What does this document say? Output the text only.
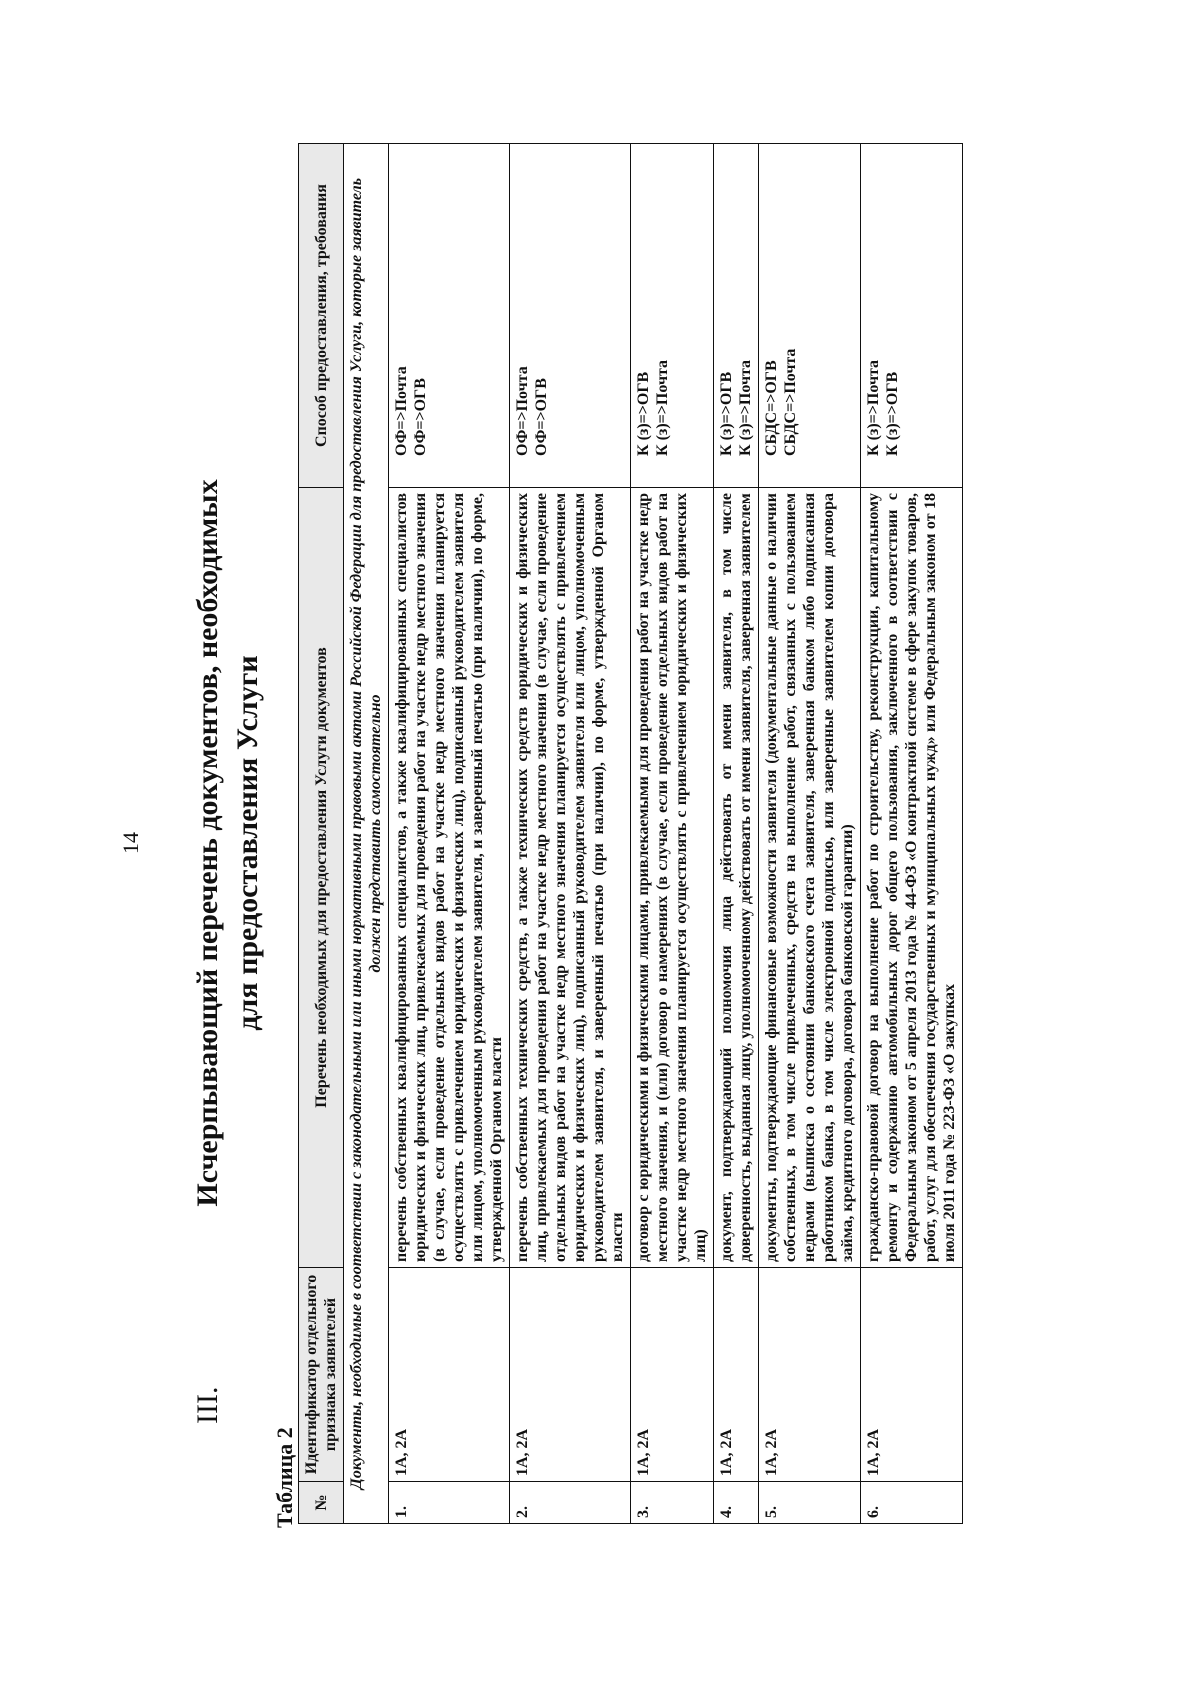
14
III.
Исчерпывающий перечень документов, необходимых для предоставления Услуги
Таблица 2 №	Идентификатор отдельного признака заявителей	Перечень необходимых для предоставления Услуги документов	Способ предоставления, требования
Документы, необходимые в соответствии с законодательными или иными нормативными правовыми актами Российской Федерации для предоставления Услуги, которые заявитель должен представить самостоятельно			
1.	1А, 2А	перечень собственных квалифицированных специалистов, а также квалифицированных специалистов юридических и физических лиц, привлекаемых для проведения работ на участке недр местного значения (в случае, если проведение отдельных видов работ на участке недр местного значения планируется осуществлять с привлечением юридических и физических лиц), подписанный руководителем заявителя или лицом, уполномоченным руководителем заявителя, и заверенный печатью (при наличии), по форме, утвержденной Органом власти	ОФ=>Почта ОФ=>ОГВ

2.	1А, 2А	перечень собственных технических средств, а также технических средств юридических и физических лиц, привлекаемых для проведения работ на участке недр местного значения (в случае, если проведение отдельных видов работ на участке недр местного значения планируется осуществлять с привлечением юридических и физических лиц), подписанный руководителем заявителя или лицом, уполномоченным руководителем заявителя, и заверенный печатью (при наличии), по форме, утвержденной Органом власти	ОФ=>Почта ОФ=>ОГВ

3.	1А, 2А	договор с юридическими и физическими лицами, привлекаемыми для проведения работ на участке недр местного значения, и (или) договор о намерениях (в случае, если проведение отдельных видов работ на участке недр местного значения планируется осуществлять с привлечением юридических и физических лиц)	К (з)=>ОГВ К (з)=>Почта

4.	1А, 2А	документ, подтверждающий полномочия лица действовать от имени заявителя, в том числе доверенность, выданная лицу, уполномоченному действовать от имени заявителя, заверенная заявителем	К (з)=>ОГВ К (з)=>Почта

5.	1А, 2А	документы, подтверждающие финансовые возможности заявителя (документальные данные о наличии собственных, в том числе привлеченных, средств на выполнение работ, связанных с пользованием недрами (выписка о состоянии банковского счета заявителя, заверенная банком либо подписанная работником банка, в том числе электронной подписью, или заверенные заявителем копии договора займа, кредитного договора, договора банковской гарантии)	СБДС=>ОГВ СБДС=>Почта

6.	1А, 2А	гражданско-правовой договор на выполнение работ по строительству, реконструкции, капитальному ремонту и содержанию автомобильных дорог общего пользования, заключенного в соответствии с Федеральным законом от 5 апреля 2013 года № 44-ФЗ «О контрактной системе в сфере закупок товаров, работ, услуг для обеспечения государственных и муниципальных нужд» или Федеральным законом от 18 июля 2011 года № 223-ФЗ «О закупках	К (з)=>Почта К (з)=>ОГВ
